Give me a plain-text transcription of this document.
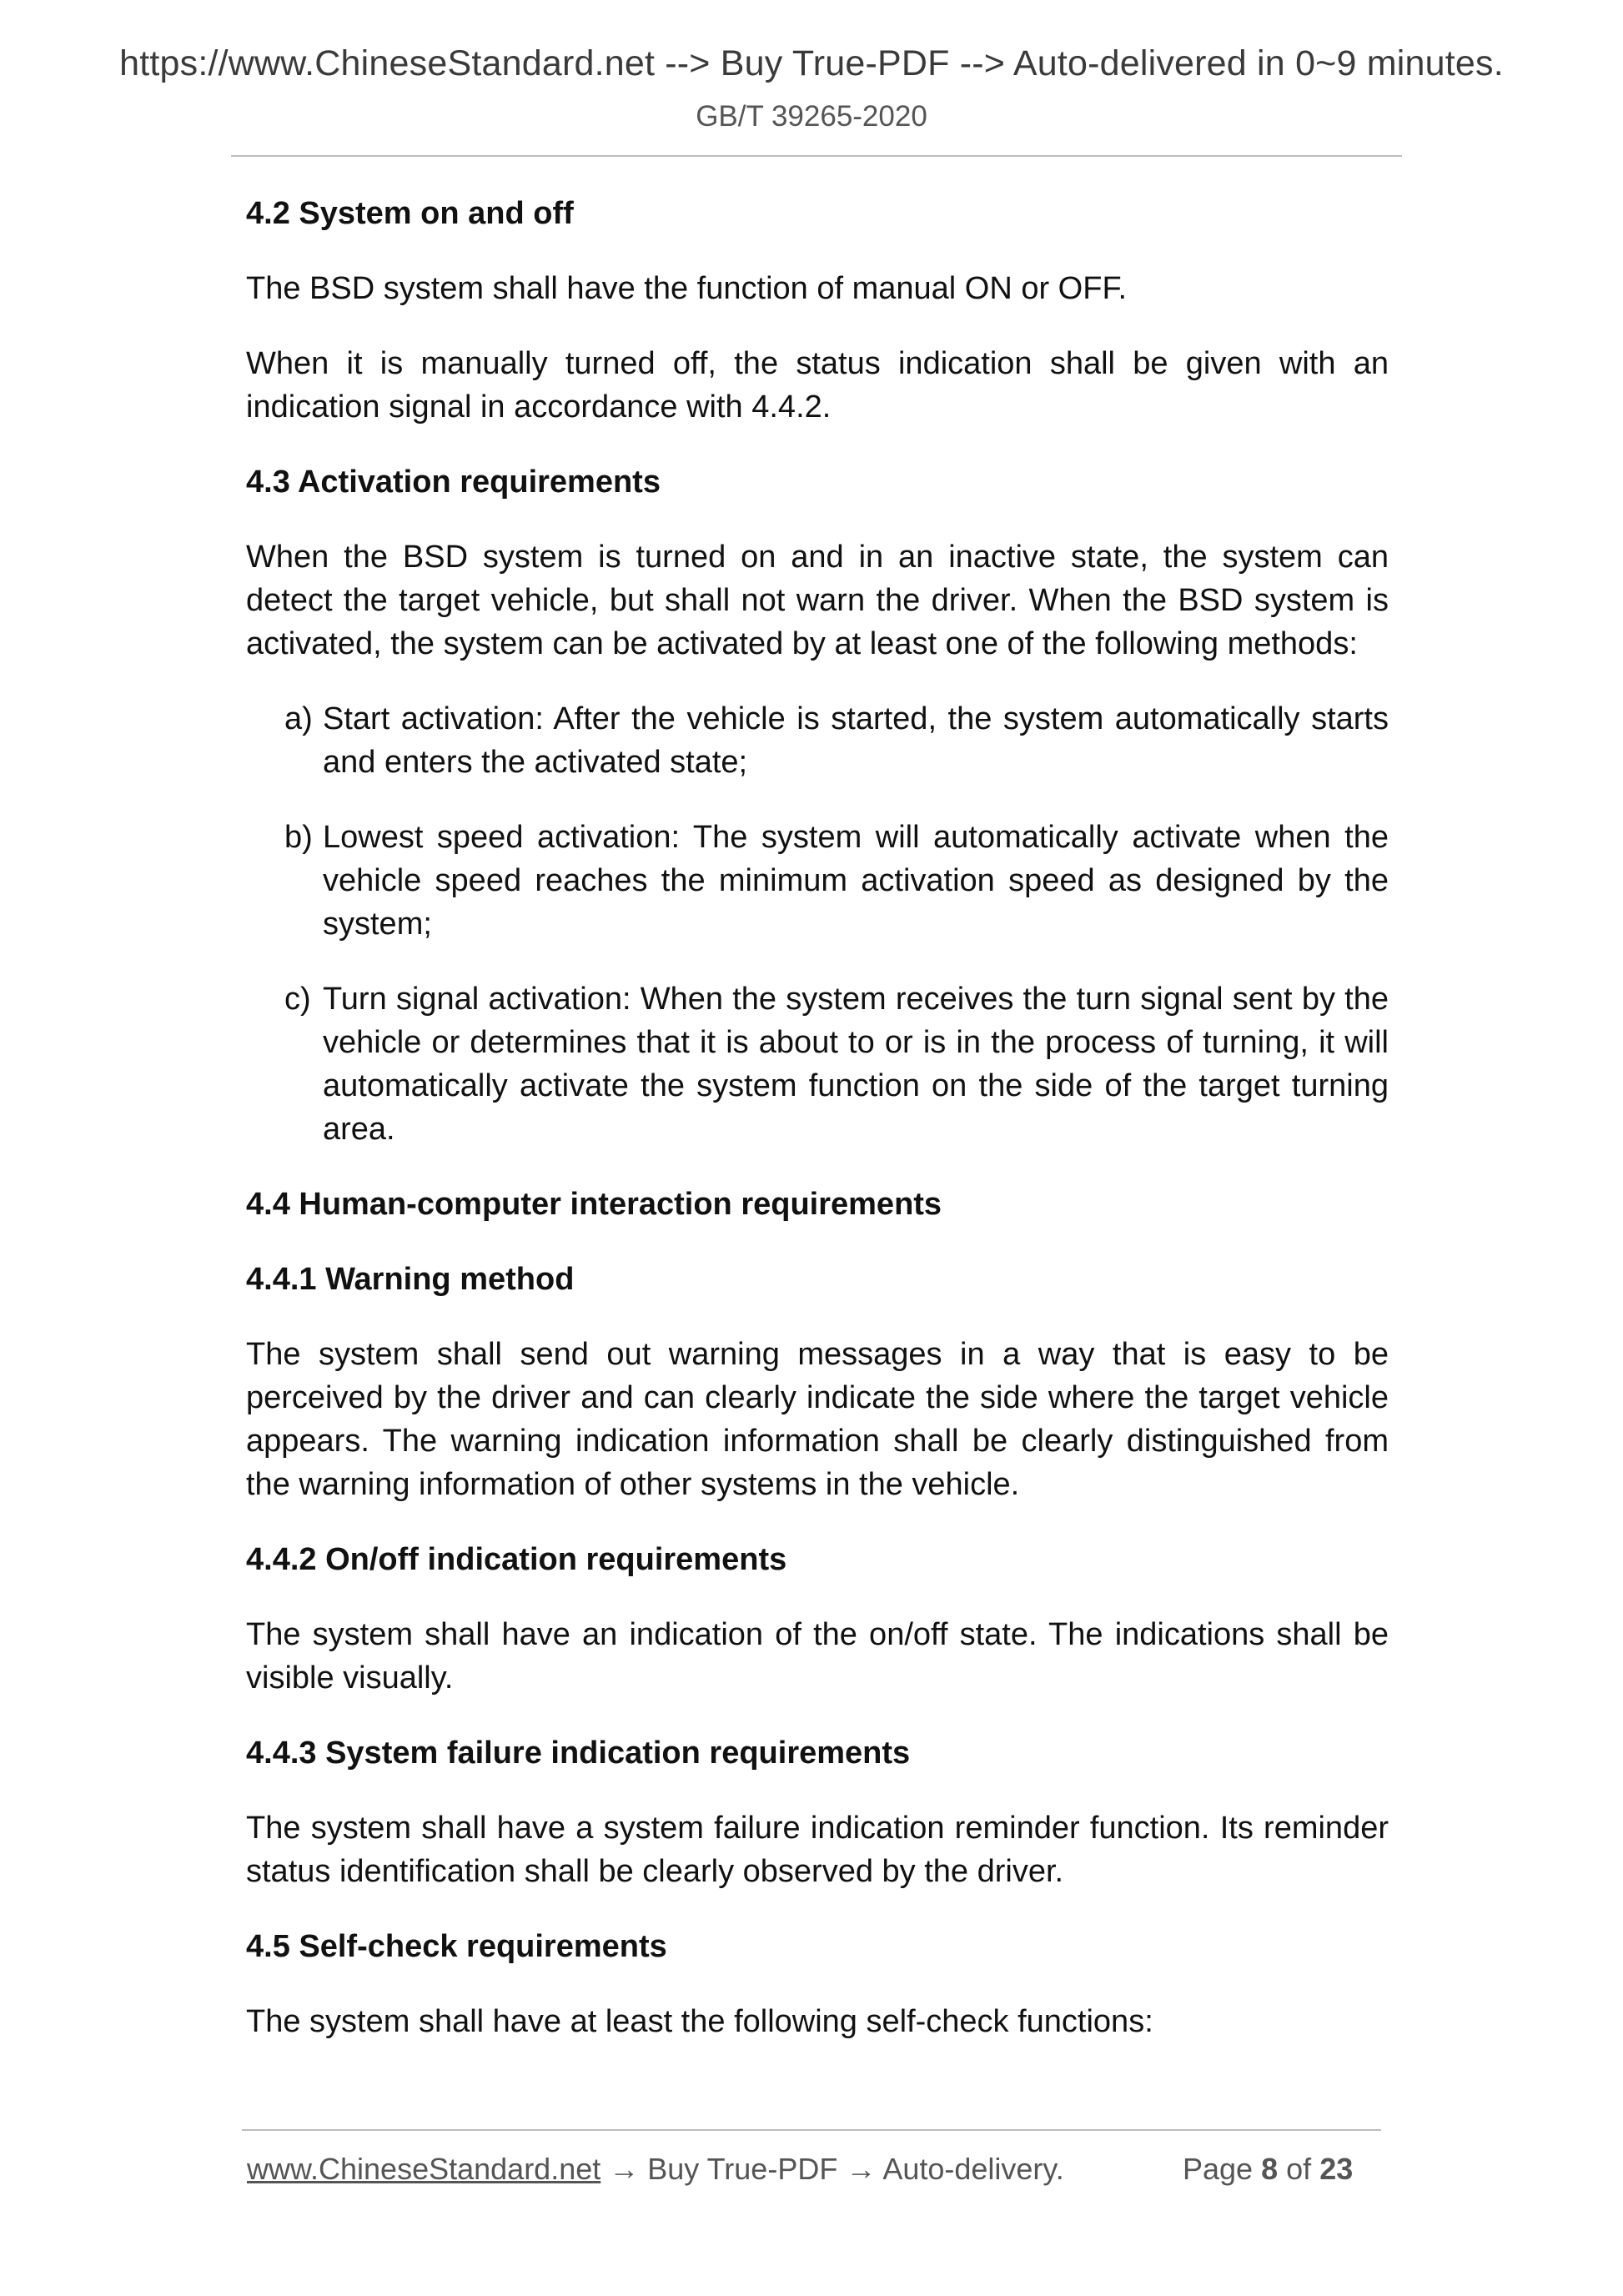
https://www.ChineseStandard.net --> Buy True-PDF --> Auto-delivered in 0~9 minutes.
GB/T 39265-2020
4.2 System on and off
The BSD system shall have the function of manual ON or OFF.
When it is manually turned off, the status indication shall be given with an indication signal in accordance with 4.4.2.
4.3 Activation requirements
When the BSD system is turned on and in an inactive state, the system can detect the target vehicle, but shall not warn the driver. When the BSD system is activated, the system can be activated by at least one of the following methods:
a) Start activation: After the vehicle is started, the system automatically starts and enters the activated state;
b) Lowest speed activation: The system will automatically activate when the vehicle speed reaches the minimum activation speed as designed by the system;
c) Turn signal activation: When the system receives the turn signal sent by the vehicle or determines that it is about to or is in the process of turning, it will automatically activate the system function on the side of the target turning area.
4.4 Human-computer interaction requirements
4.4.1 Warning method
The system shall send out warning messages in a way that is easy to be perceived by the driver and can clearly indicate the side where the target vehicle appears. The warning indication information shall be clearly distinguished from the warning information of other systems in the vehicle.
4.4.2 On/off indication requirements
The system shall have an indication of the on/off state. The indications shall be visible visually.
4.4.3 System failure indication requirements
The system shall have a system failure indication reminder function. Its reminder status identification shall be clearly observed by the driver.
4.5 Self-check requirements
The system shall have at least the following self-check functions:
www.ChineseStandard.net → Buy True-PDF → Auto-delivery.	Page 8 of 23
